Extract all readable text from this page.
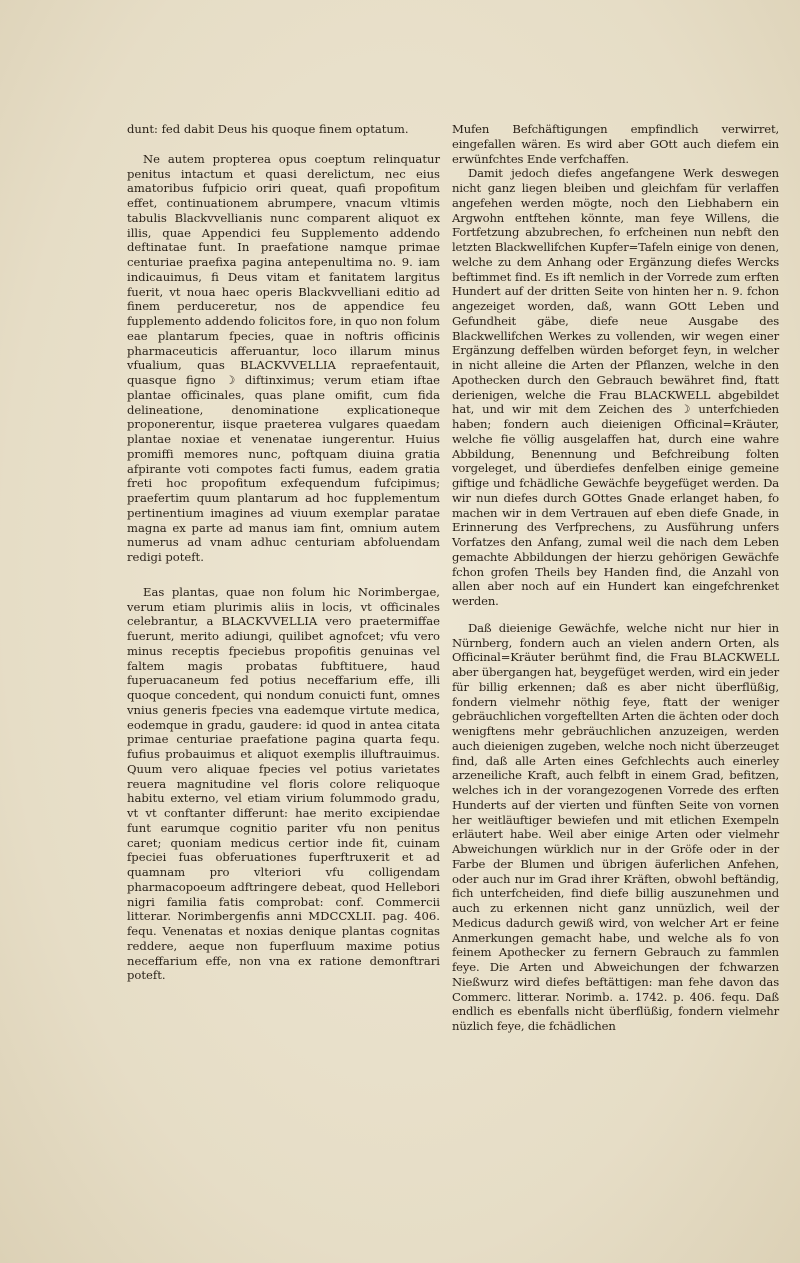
dunt: fed dabit Deus his quoque finem optatum.

Ne autem propterea opus coeptum relinquatur penitus intactum et quasi derelictum, nec eius amatoribus fufpicio oriri queat, quafi propofitum effet, continuationem abrumpere, vnacum vltimis tabulis Blackvvellianis nunc comparent aliquot ex illis, quae Appendici feu Supplemento addendo deftinatae funt. In praefatione namque primae centuriae praefixa pagina antepenultima no. 9. iam indicauimus, fi Deus vitam et fanitatem largitus fuerit, vt noua haec operis Blackvvelliani editio ad finem perduceretur, nos de appendice feu fupplemento addendo folicitos fore, in quo non folum eae plantarum fpecies, quae in noftris officinis pharmaceuticis afferuantur, loco illarum minus vfualium, quas BLACKVVELLIA repraefentauit, quasque figno ☽ diftinximus; verum etiam iftae plantae officinales, quas plane omifit, cum fida delineatione, denominatione explicationeque proponerentur, iisque praeterea vulgares quaedam plantae noxiae et venenatae iungerentur. Huius promiffi memores nunc, poftquam diuina gratia afpirante voti compotes facti fumus, eadem gratia freti hoc propofitum exfequendum fufcipimus; praefertim quum plantarum ad hoc fupplementum pertinentium imagines ad viuum exemplar paratae magna ex parte ad manus iam fint, omnium autem numerus ad vnam adhuc centuriam abfoluendam redigi poteft.

Eas plantas, quae non folum hic Norimbergae, verum etiam plurimis aliis in locis, vt officinales celebrantur, a BLACKVVELLIA vero praetermiffae fuerunt, merito adiungi, quilibet agnofcet; vfu vero minus receptis fpeciebus propofitis genuinas vel faltem magis probatas fubftituere, haud fuperuacaneum fed potius neceffarium effe, illi quoque concedent, qui nondum conuicti funt, omnes vnius generis fpecies vna eademque virtute medica, eodemque in gradu, gaudere: id quod in antea citata primae centuriae praefatione pagina quarta fequ. fufius probauimus et aliquot exemplis illuftrauimus. Quum vero aliquae fpecies vel potius varietates reuera magnitudine vel floris colore reliquoque habitu externo, vel etiam virium folummodo gradu, vt vt conftanter differunt: hae merito excipiendae funt earumque cognitio pariter vfu non penitus caret; quoniam medicus certior inde fit, cuinam fpeciei fuas obferuationes fuperftruxerit et ad quamnam pro vlteriori vfu colligendam pharmacopoeum adftringere debeat, quod Hellebori nigri familia fatis comprobat: conf. Commercii litterar. Norimbergenfis anni MDCCXLII. pag. 406. fequ. Venenatas et noxias denique plantas cognitas reddere, aeque non fuperfluum maxime potius neceffarium effe, non vna ex ratione demonftrari poteft.

Mufen Befchäftigungen empfindlich verwirret, eingefallen wären. Es wird aber GOtt auch diefem ein erwünfchtes Ende verfchaffen.

Damit jedoch diefes angefangene Werk deswegen nicht ganz liegen bleiben und gleichfam für verlaffen angefehen werden mögte, noch den Liebhabern ein Argwohn entftehen könnte, man feye Willens, die Fortfetzung abzubrechen, fo erfcheinen nun nebft den letzten Blackwellifchen Kupfer=Tafeln einige von denen, welche zu dem Anhang oder Ergänzung diefes Wercks beftimmet find. Es ift nemlich in der Vorrede zum erften Hundert auf der dritten Seite von hinten her n. 9. fchon angezeiget worden, daß, wann GOtt Leben und Gefundheit gäbe, diefe neue Ausgabe des Blackwellifchen Werkes zu vollenden, wir wegen einer Ergänzung deffelben würden beforget feyn, in welcher in nicht alleine die Arten der Pflanzen, welche in den Apothecken durch den Gebrauch bewähret find, ftatt derienigen, welche die Frau BLACKWELL abgebildet hat, und wir mit dem Zeichen des ☽ unterfchieden haben; fondern auch dieienigen Officinal=Kräuter, welche fie völlig ausgelaffen hat, durch eine wahre Abbildung, Benennung und Befchreibung folten vorgeleget, und überdiefes denfelben einige gemeine giftige und fchädliche Gewächfe beygefüget werden. Da wir nun diefes durch GOttes Gnade erlanget haben, fo machen wir in dem Vertrauen auf eben diefe Gnade, in Erinnerung des Verfprechens, zu Ausführung unfers Vorfatzes den Anfang, zumal weil die nach dem Leben gemachte Abbildungen der hierzu gehörigen Gewächfe fchon grofen Theils bey Handen find, die Anzahl von allen aber noch auf ein Hundert kan eingefchrenket werden.

Daß dieienige Gewächfe, welche nicht nur hier in Nürnberg, fondern auch an vielen andern Orten, als Officinal=Kräuter berühmt find, die Frau BLACKWELL aber übergangen hat, beygefüget werden, wird ein jeder für billig erkennen; daß es aber nicht überflüßig, fondern vielmehr nöthig feye, ftatt der weniger gebräuchlichen vorgeftellten Arten die ächten oder doch wenigftens mehr gebräuchlichen anzuzeigen, werden auch dieienigen zugeben, welche noch nicht überzeuget find, daß alle Arten eines Gefchlechts auch einerley arzeneiliche Kraft, auch felbft in einem Grad, befitzen, welches ich in der vorangezogenen Vorrede des erften Hunderts auf der vierten und fünften Seite von vornen her weitläuftiger bewiefen und mit etlichen Exempeln erläutert habe. Weil aber einige Arten oder vielmehr Abweichungen würklich nur in der Gröfe oder in der Farbe der Blumen und übrigen äuferlichen Anfehen, oder auch nur im Grad ihrer Kräften, obwohl beftändig, fich unterfcheiden, find diefe billig auszunehmen und auch zu erkennen nicht ganz unnüzlich, weil der Medicus dadurch gewiß wird, von welcher Art er feine Anmerkungen gemacht habe, und welche als fo von feinem Apothecker zu fernern Gebrauch zu fammlen feye. Die Arten und Abweichungen der fchwarzen Nießwurz wird diefes beftättigen: man fehe davon das Commerc. litterar. Norimb. a. 1742. p. 406. fequ. Daß endlich es ebenfalls nicht überflüßig, fondern vielmehr nüzlich feye, die fchädlichen
